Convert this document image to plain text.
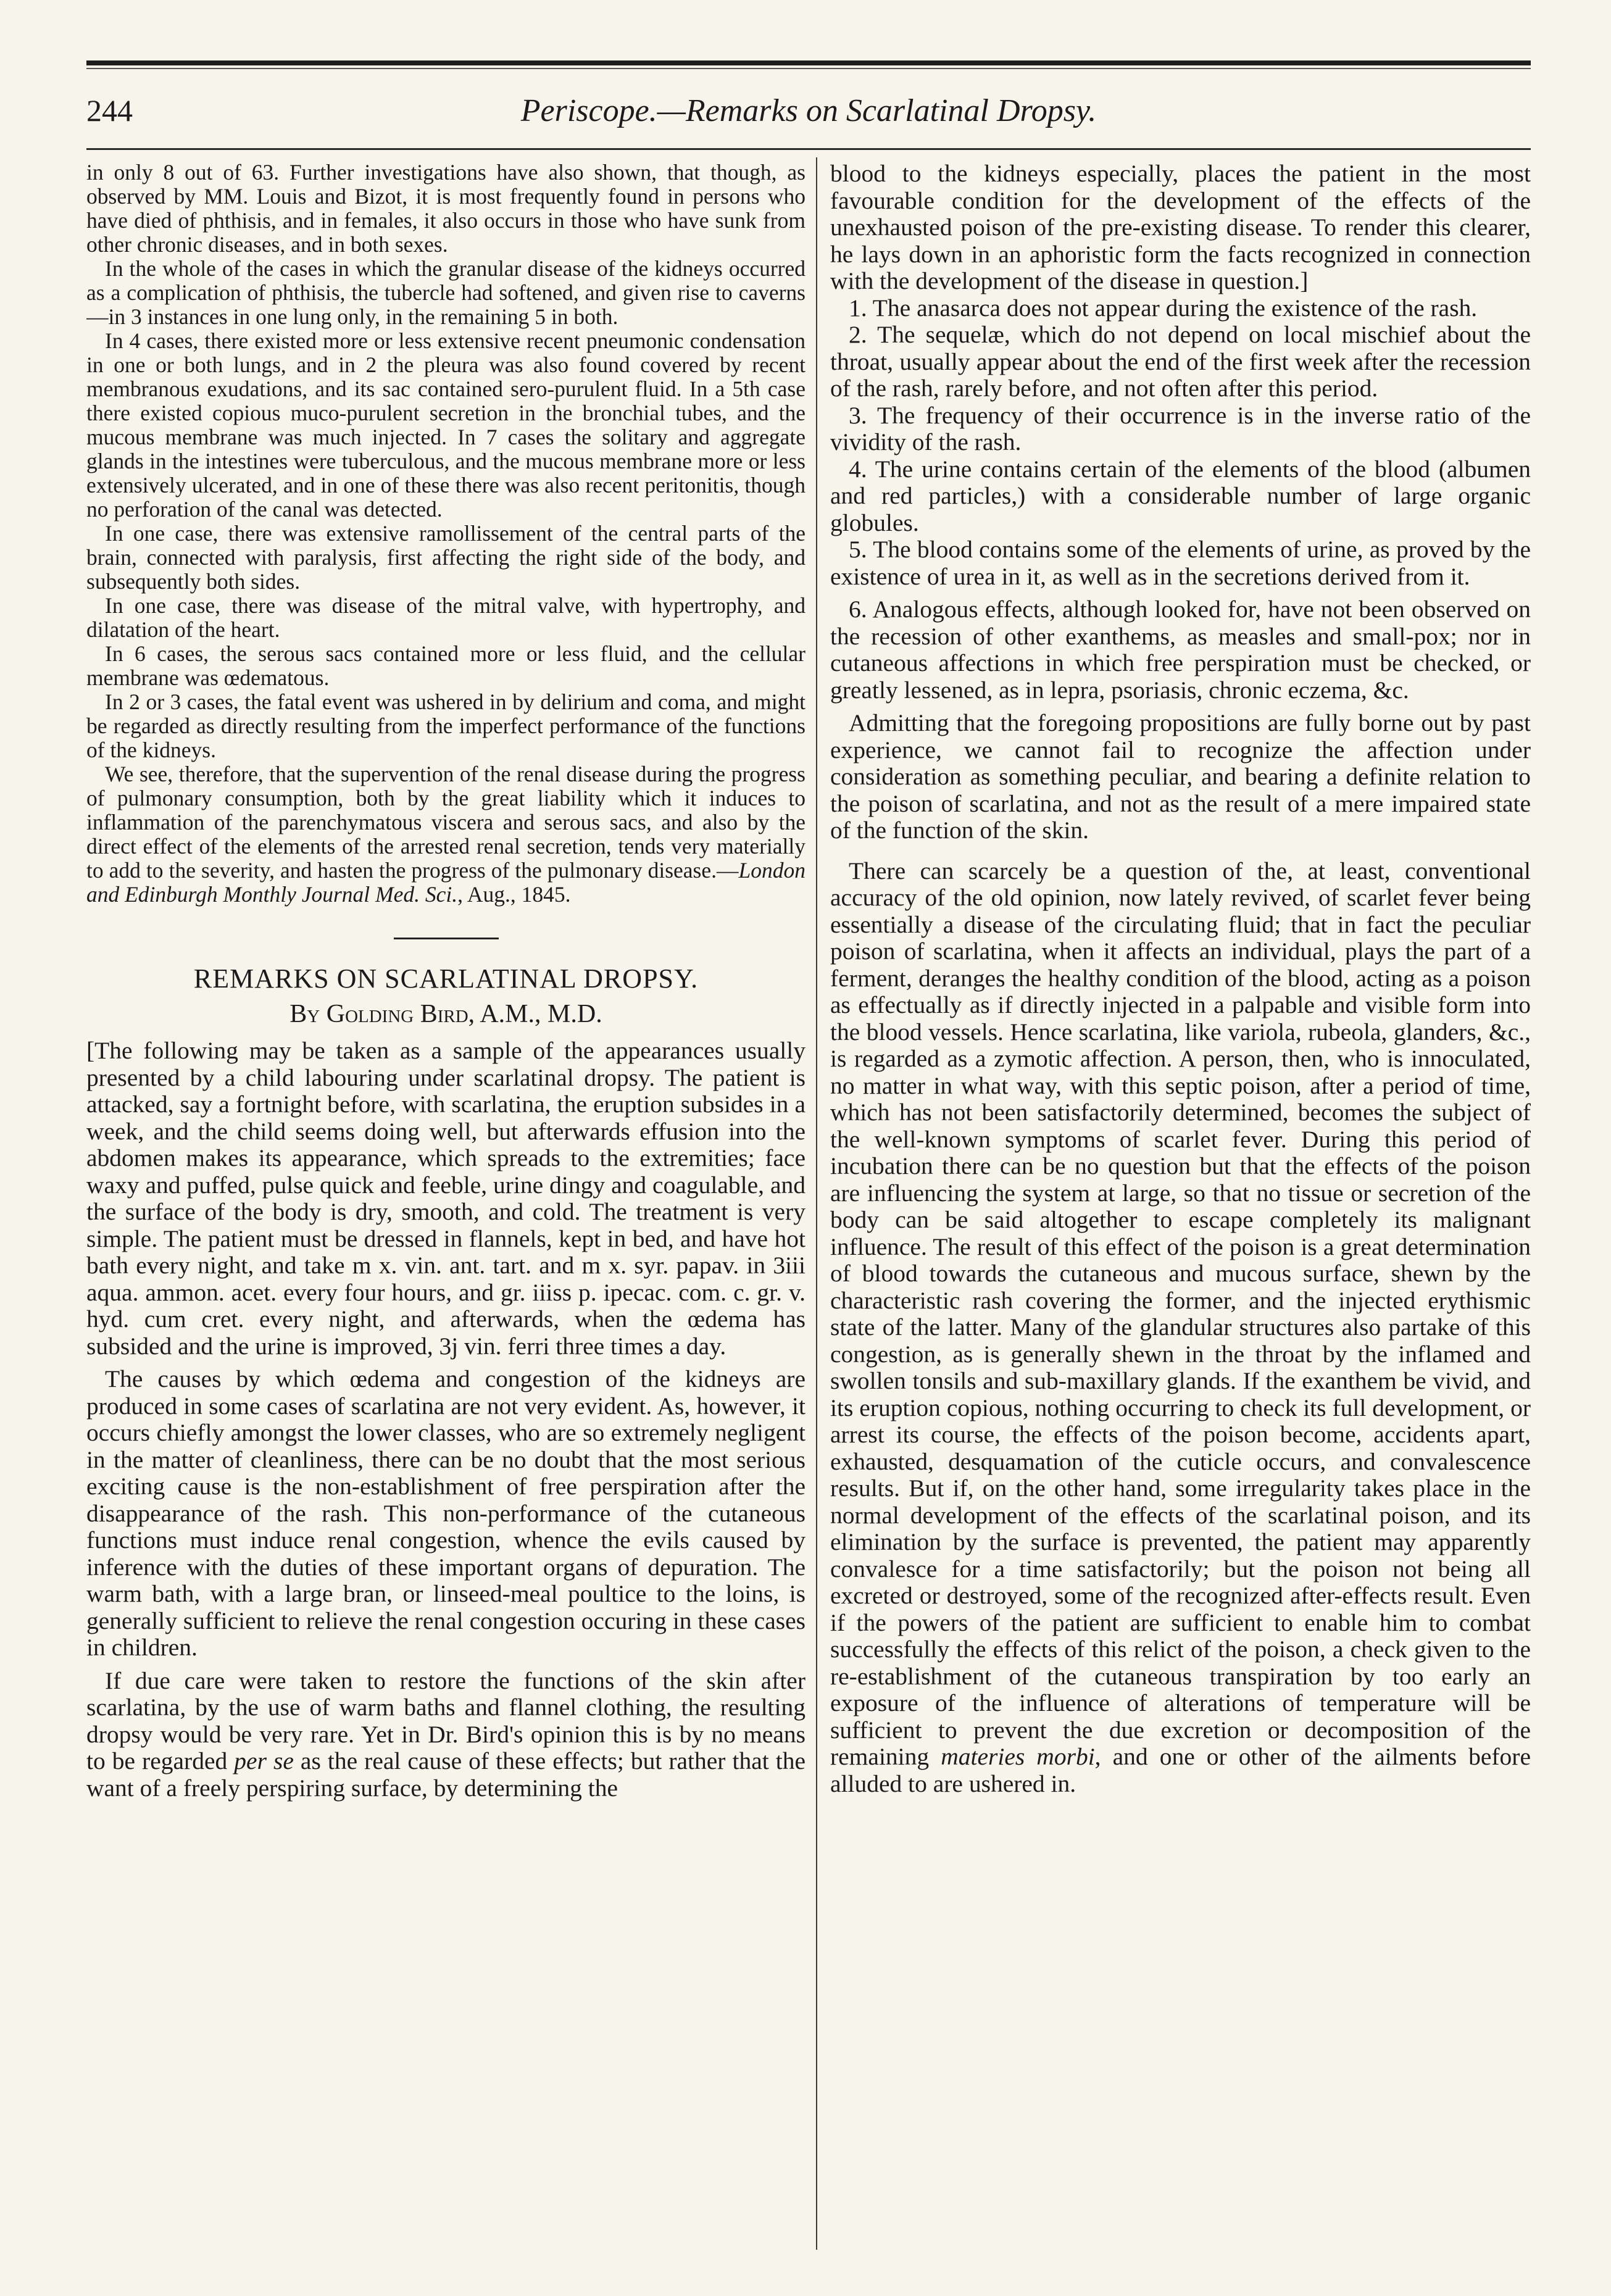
244	Periscope.—Remarks on Scarlatinal Dropsy.

in only 8 out of 63. Further investigations have also shown, that though, as observed by MM. Louis and Bizot, it is most frequently found in persons who have died of phthisis, and in females, it also occurs in those who have sunk from other chronic diseases, and in both sexes.

In the whole of the cases in which the granular disease of the kidneys occurred as a complication of phthisis, the tubercle had softened, and given rise to caverns—in 3 instances in one lung only, in the remaining 5 in both.

In 4 cases, there existed more or less extensive recent pneumonic condensation in one or both lungs, and in 2 the pleura was also found covered by recent membranous exudations, and its sac contained sero-purulent fluid. In a 5th case there existed copious muco-purulent secretion in the bronchial tubes, and the mucous membrane was much injected. In 7 cases the solitary and aggregate glands in the intestines were tuberculous, and the mucous membrane more or less extensively ulcerated, and in one of these there was also recent peritonitis, though no perforation of the canal was detected.

In one case, there was extensive ramollissement of the central parts of the brain, connected with paralysis, first affecting the right side of the body, and subsequently both sides.

In one case, there was disease of the mitral valve, with hypertrophy, and dilatation of the heart.

In 6 cases, the serous sacs contained more or less fluid, and the cellular membrane was œdematous.

In 2 or 3 cases, the fatal event was ushered in by delirium and coma, and might be regarded as directly resulting from the imperfect performance of the functions of the kidneys.

We see, therefore, that the supervention of the renal disease during the progress of pulmonary consumption, both by the great liability which it induces to inflammation of the parenchymatous viscera and serous sacs, and also by the direct effect of the elements of the arrested renal secretion, tends very materially to add to the severity, and hasten the progress of the pulmonary disease.—London and Edinburgh Monthly Journal Med. Sci., Aug., 1845.

REMARKS ON SCARLATINAL DROPSY.
By Golding Bird, A.M., M.D.

[The following may be taken as a sample of the appearances usually presented by a child labouring under scarlatinal dropsy. The patient is attacked, say a fortnight before, with scarlatina, the eruption subsides in a week, and the child seems doing well, but afterwards effusion into the abdomen makes its appearance, which spreads to the extremities; face waxy and puffed, pulse quick and feeble, urine dingy and coagulable, and the surface of the body is dry, smooth, and cold. The treatment is very simple. The patient must be dressed in flannels, kept in bed, and have hot bath every night, and take m x. vin. ant. tart. and m x. syr. papav. in 3iii aqua. ammon. acet. every four hours, and gr. iiiss p. ipecac. com. c. gr. v. hyd. cum cret. every night, and afterwards, when the œdema has subsided and the urine is improved, 3j vin. ferri three times a day.

The causes by which œdema and congestion of the kidneys are produced in some cases of scarlatina are not very evident. As, however, it occurs chiefly amongst the lower classes, who are so extremely negligent in the matter of cleanliness, there can be no doubt that the most serious exciting cause is the non-establishment of free perspiration after the disappearance of the rash. This non-performance of the cutaneous functions must induce renal congestion, whence the evils caused by inference with the duties of these important organs of depuration. The warm bath, with a large bran, or linseed-meal poultice to the loins, is generally sufficient to relieve the renal congestion occuring in these cases in children.

If due care were taken to restore the functions of the skin after scarlatina, by the use of warm baths and flannel clothing, the resulting dropsy would be very rare. Yet in Dr. Bird's opinion this is by no means to be regarded per se as the real cause of these effects; but rather that the want of a freely perspiring surface, by determining the

blood to the kidneys especially, places the patient in the most favourable condition for the development of the effects of the unexhausted poison of the pre-existing disease. To render this clearer, he lays down in an aphoristic form the facts recognized in connection with the development of the disease in question.]

1. The anasarca does not appear during the existence of the rash.

2. The sequelæ, which do not depend on local mischief about the throat, usually appear about the end of the first week after the recession of the rash, rarely before, and not often after this period.

3. The frequency of their occurrence is in the inverse ratio of the vividity of the rash.

4. The urine contains certain of the elements of the blood (albumen and red particles,) with a considerable number of large organic globules.

5. The blood contains some of the elements of urine, as proved by the existence of urea in it, as well as in the secretions derived from it.

6. Analogous effects, although looked for, have not been observed on the recession of other exanthems, as measles and small-pox; nor in cutaneous affections in which free perspiration must be checked, or greatly lessened, as in lepra, psoriasis, chronic eczema, &c.

Admitting that the foregoing propositions are fully borne out by past experience, we cannot fail to recognize the affection under consideration as something peculiar, and bearing a definite relation to the poison of scarlatina, and not as the result of a mere impaired state of the function of the skin.

There can scarcely be a question of the, at least, conventional accuracy of the old opinion, now lately revived, of scarlet fever being essentially a disease of the circulating fluid; that in fact the peculiar poison of scarlatina, when it affects an individual, plays the part of a ferment, deranges the healthy condition of the blood, acting as a poison as effectually as if directly injected in a palpable and visible form into the blood vessels. Hence scarlatina, like variola, rubeola, glanders, &c., is regarded as a zymotic affection. A person, then, who is innoculated, no matter in what way, with this septic poison, after a period of time, which has not been satisfactorily determined, becomes the subject of the well-known symptoms of scarlet fever. During this period of incubation there can be no question but that the effects of the poison are influencing the system at large, so that no tissue or secretion of the body can be said altogether to escape completely its malignant influence. The result of this effect of the poison is a great determination of blood towards the cutaneous and mucous surface, shewn by the characteristic rash covering the former, and the injected erythismic state of the latter. Many of the glandular structures also partake of this congestion, as is generally shewn in the throat by the inflamed and swollen tonsils and sub-maxillary glands. If the exanthem be vivid, and its eruption copious, nothing occurring to check its full development, or arrest its course, the effects of the poison become, accidents apart, exhausted, desquamation of the cuticle occurs, and convalescence results. But if, on the other hand, some irregularity takes place in the normal development of the effects of the scarlatinal poison, and its elimination by the surface is prevented, the patient may apparently convalesce for a time satisfactorily; but the poison not being all excreted or destroyed, some of the recognized after-effects result. Even if the powers of the patient are sufficient to enable him to combat successfully the effects of this relict of the poison, a check given to the re-establishment of the cutaneous transpiration by too early an exposure of the influence of alterations of temperature will be sufficient to prevent the due excretion or decomposition of the remaining materies morbi, and one or other of the ailments before alluded to are ushered in.
